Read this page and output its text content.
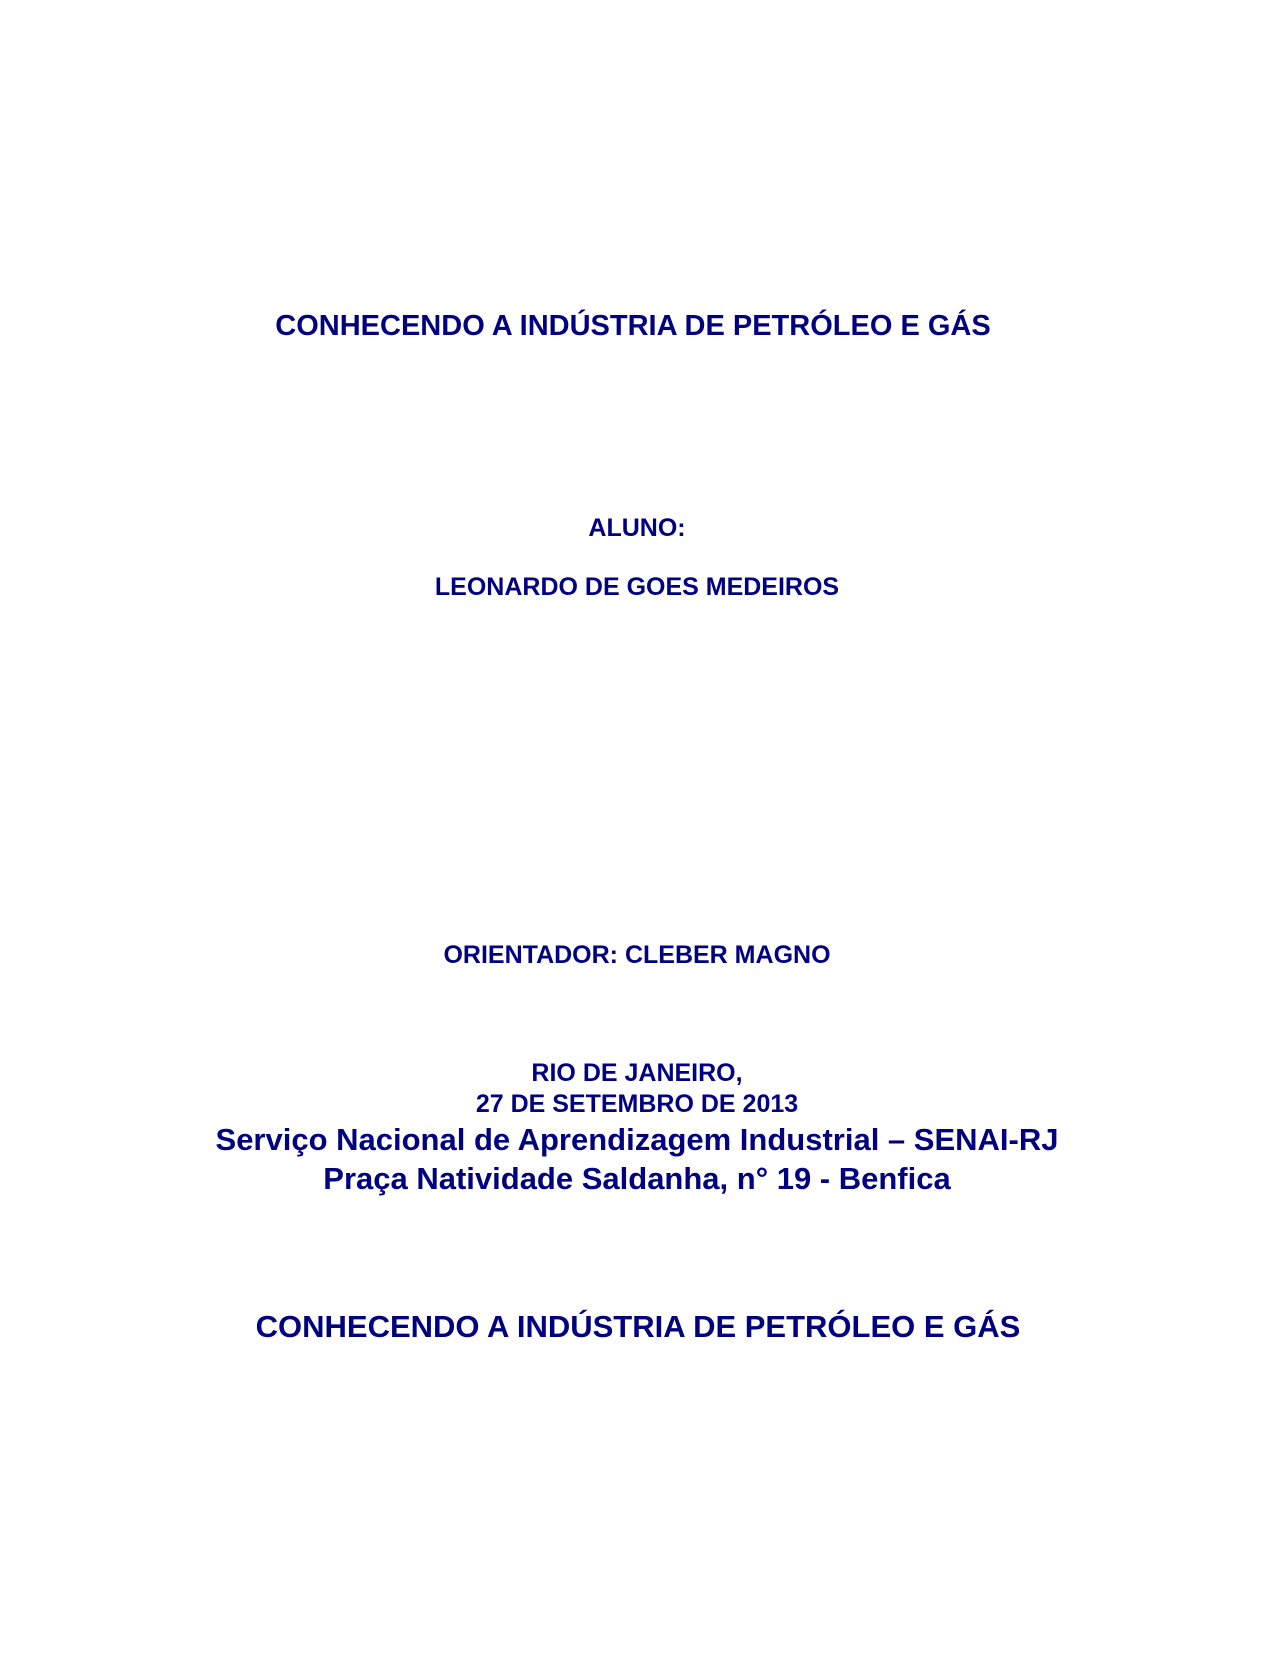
CONHECENDO A INDÚSTRIA DE PETRÓLEO E GÁS
ALUNO:
LEONARDO DE GOES MEDEIROS
ORIENTADOR: CLEBER MAGNO
RIO DE JANEIRO,
27 DE SETEMBRO DE 2013
Serviço Nacional de Aprendizagem Industrial – SENAI-RJ
Praça Natividade Saldanha, n° 19 - Benfica
CONHECENDO A INDÚSTRIA DE PETRÓLEO E GÁS
